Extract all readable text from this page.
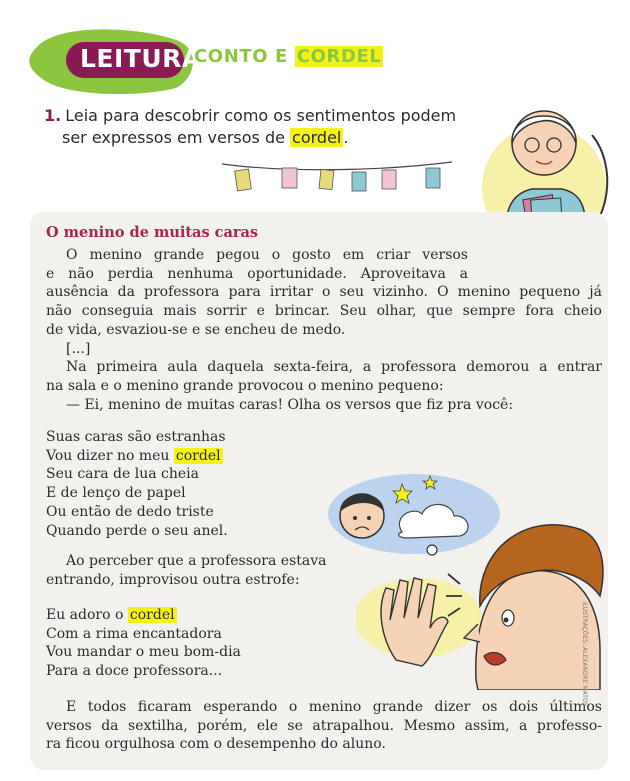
LEITURA
CONTO E CORDEL
1. Leia para descobrir como os sentimentos podem
ser expressos em versos de cordel .
O menino de muitas caras

O menino grande pegou o gosto em criar versos

e não perdia nenhuma oportunidade. Aproveitava a

ausência da professora para irritar o seu vizinho. O menino pequeno já

não conseguia mais sorrir e brincar. Seu olhar, que sempre fora cheio

de vida, esvaziou-se e se encheu de medo.

[...]

Na primeira aula daquela sexta-feira, a professora demorou a entrar

na sala e o menino grande provocou o menino pequeno:

— Ei, menino de muitas caras! Olha os versos que fiz pra você:

Suas caras são estranhas

Vou dizer no meu cordel

Seu cara de lua cheia

E de lenço de papel

Ou então de dedo triste

Quando perde o seu anel.

Ao perceber que a professora estava

entrando, improvisou outra estrofe:

Eu adoro o cordel

Com a rima encantadora

Vou mandar o meu bom-dia

Para a doce professora...

E todos ficaram esperando o menino grande dizer os dois últimos

versos da sextilha, porém, ele se atrapalhou. Mesmo assim, a professo-

ra ficou orgulhosa com o desempenho do aluno.

ILUSTRAÇÕES: ALEXANDRE MATOS
